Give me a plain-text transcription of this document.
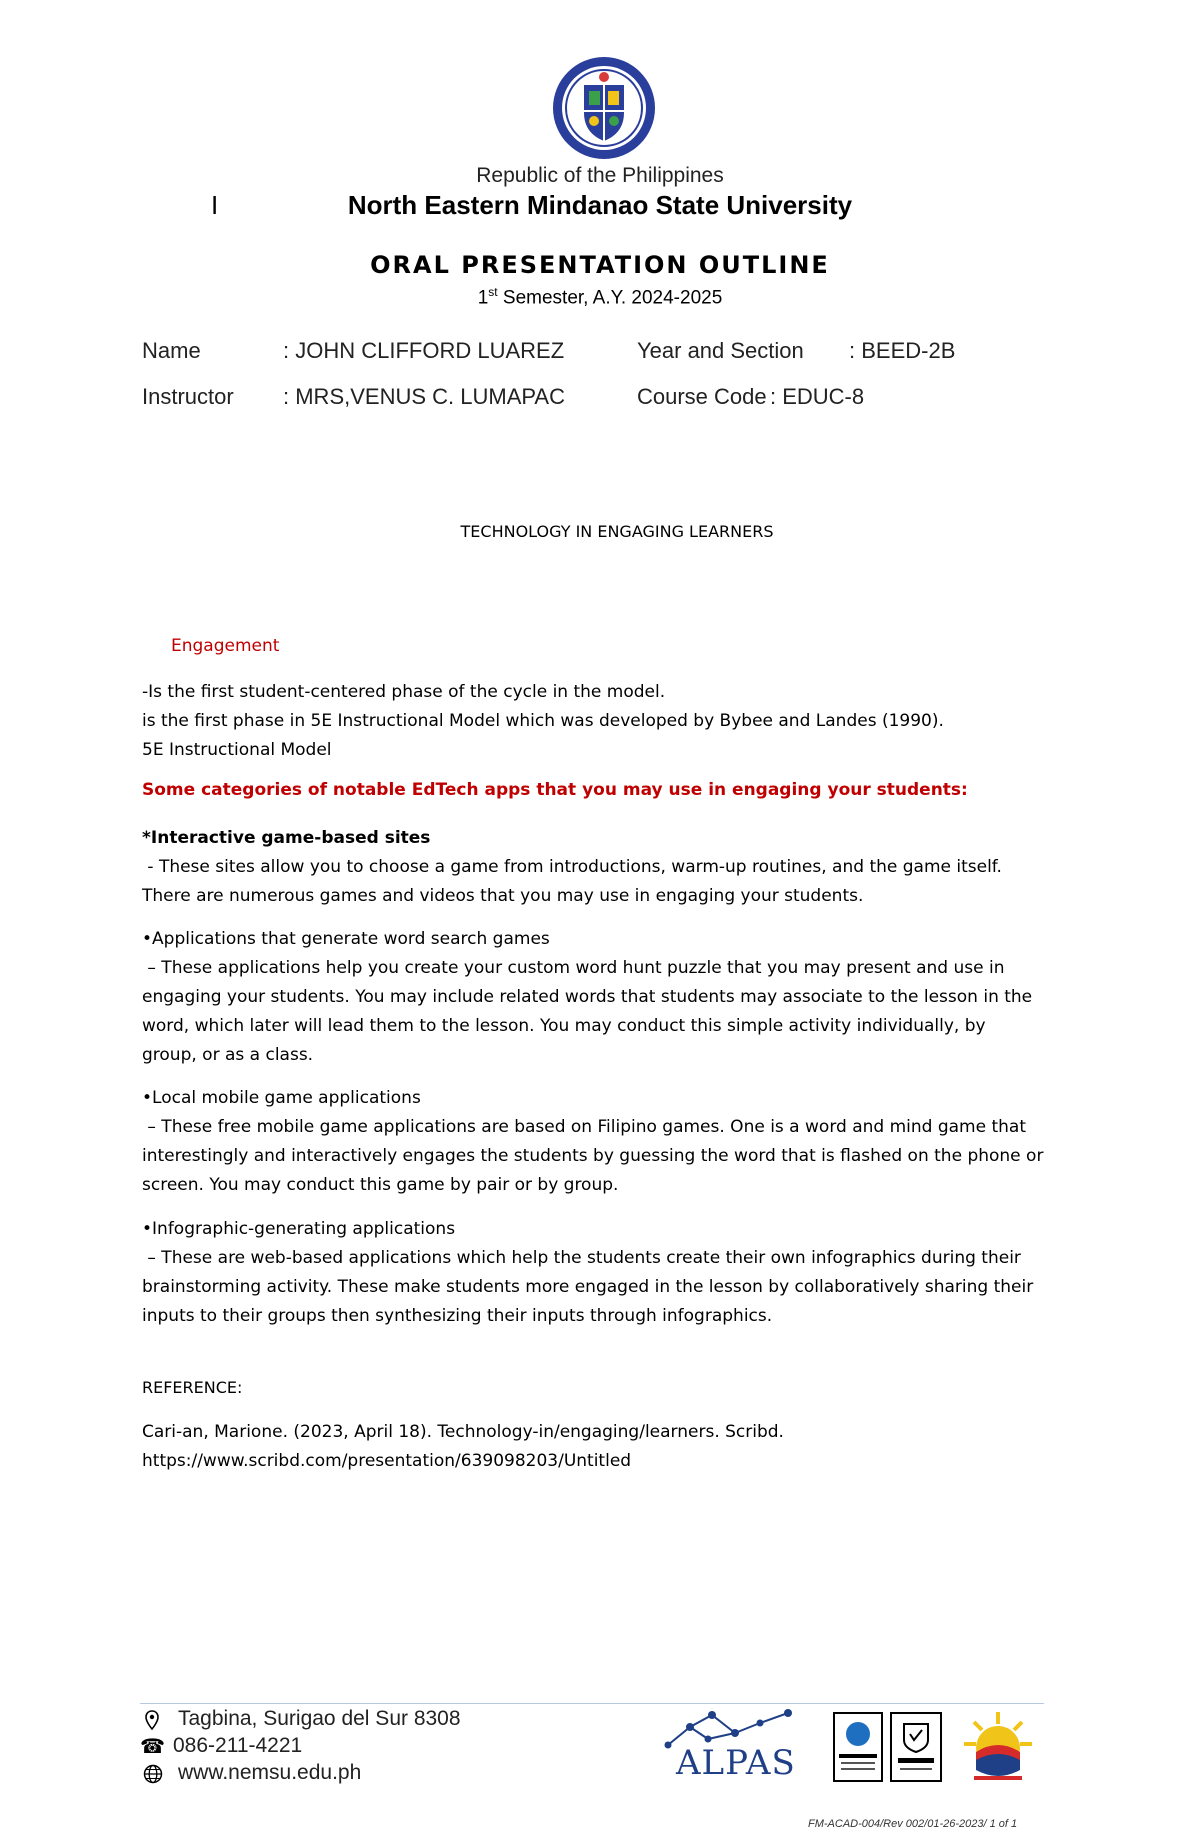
Republic of the Philippines
I	North Eastern Mindanao State University
ORAL PRESENTATION OUTLINE
1st Semester, A.Y. 2024-2025
Name	: JOHN CLIFFORD LUAREZ	Year and Section : BEED-2B
Instructor : MRS,VENUS C. LUMAPAC	Course Code : EDUC-8
TECHNOLOGY IN ENGAGING LEARNERS
Engagement
-Is the first student-centered phase of the cycle in the model.
is the first phase in 5E Instructional Model which was developed by Bybee and Landes (1990).
5E Instructional Model
Some categories of notable EdTech apps that you may use in engaging your students:
*Interactive game-based sites
- These sites allow you to choose a game from introductions, warm-up routines, and the game itself.
There are numerous games and videos that you may use in engaging your students.
•Applications that generate word search games
– These applications help you create your custom word hunt puzzle that you may present and use in
engaging your students. You may include related words that students may associate to the lesson in the
word, which later will lead them to the lesson. You may conduct this simple activity individually, by
group, or as a class.
•Local mobile game applications
– These free mobile game applications are based on Filipino games. One is a word and mind game that
interestingly and interactively engages the students by guessing the word that is flashed on the phone or
screen. You may conduct this game by pair or by group.
•Infographic-generating applications
– These are web-based applications which help the students create their own infographics during their
brainstorming activity. These make students more engaged in the lesson by collaboratively sharing their
inputs to their groups then synthesizing their inputs through infographics.
REFERENCE:
Cari-an, Marione. (2023, April 18). Technology-in/engaging/learners. Scribd.
https://www.scribd.com/presentation/639098203/Untitled
Tagbina, Surigao del Sur 8308
☎ 086-211-4221
www.nemsu.edu.ph	ALPAS
FM-ACAD-004/Rev 002/01-26-2023/ 1 of 1
